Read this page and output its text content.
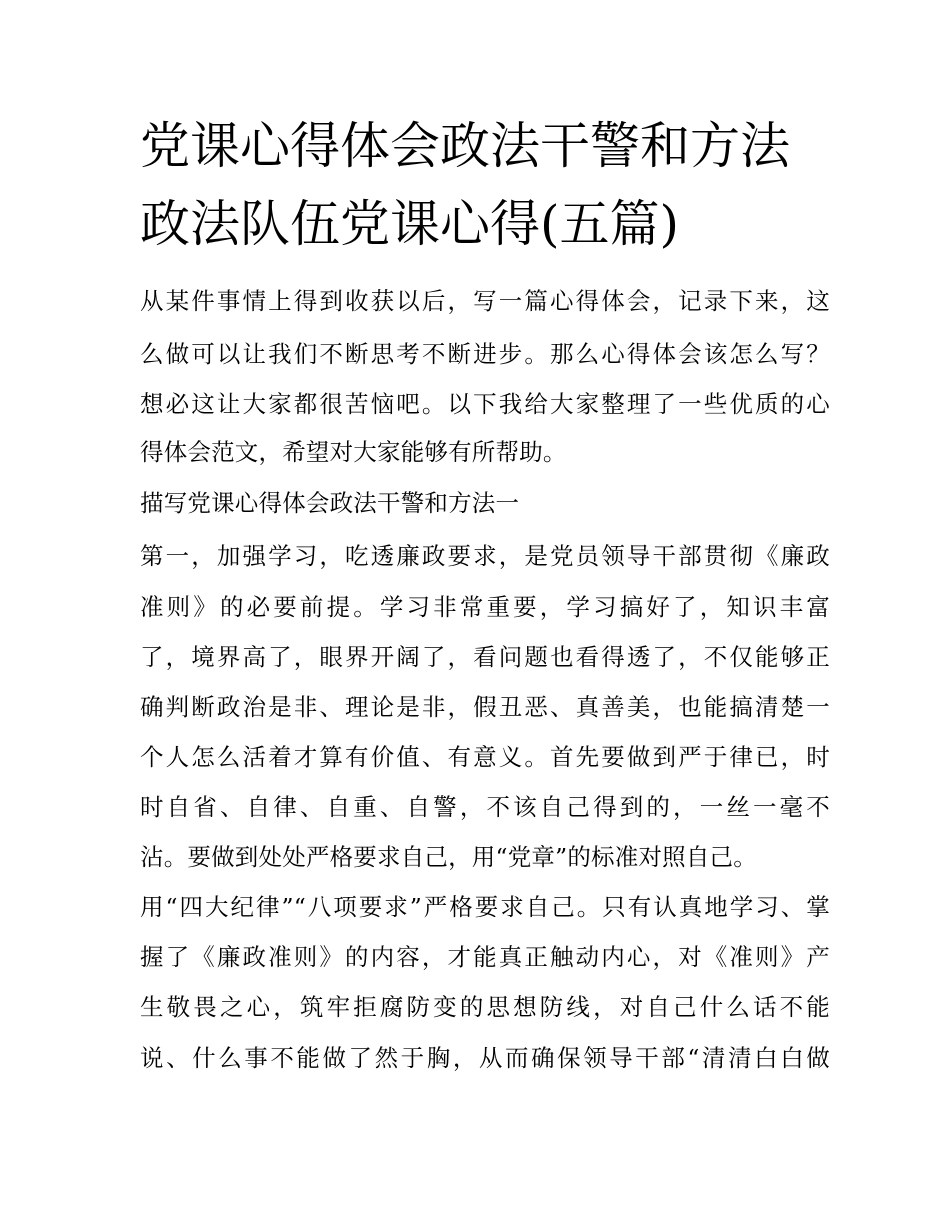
党课心得体会政法干警和方法
政法队伍党课心得(五篇)
从某件事情上得到收获以后，写一篇心得体会，记录下来，这
么做可以让我们不断思考不断进步。那么心得体会该怎么写？
想必这让大家都很苦恼吧。以下我给大家整理了一些优质的心
得体会范文，希望对大家能够有所帮助。
描写党课心得体会政法干警和方法一
第一，加强学习，吃透廉政要求，是党员领导干部贯彻《廉政
准则》的必要前提。学习非常重要，学习搞好了，知识丰富
了，境界高了，眼界开阔了，看问题也看得透了，不仅能够正
确判断政治是非、理论是非，假丑恶、真善美，也能搞清楚一
个人怎么活着才算有价值、有意义。首先要做到严于律已，时
时自省、自律、自重、自警，不该自己得到的，一丝一毫不
沾。要做到处处严格要求自己，用“党章”的标准对照自己。
用“四大纪律”“八项要求”严格要求自己。只有认真地学习、掌
握了《廉政准则》的内容，才能真正触动内心，对《准则》产
生敬畏之心，筑牢拒腐防变的思想防线，对自己什么话不能
说、什么事不能做了然于胸，从而确保领导干部“清清白白做
